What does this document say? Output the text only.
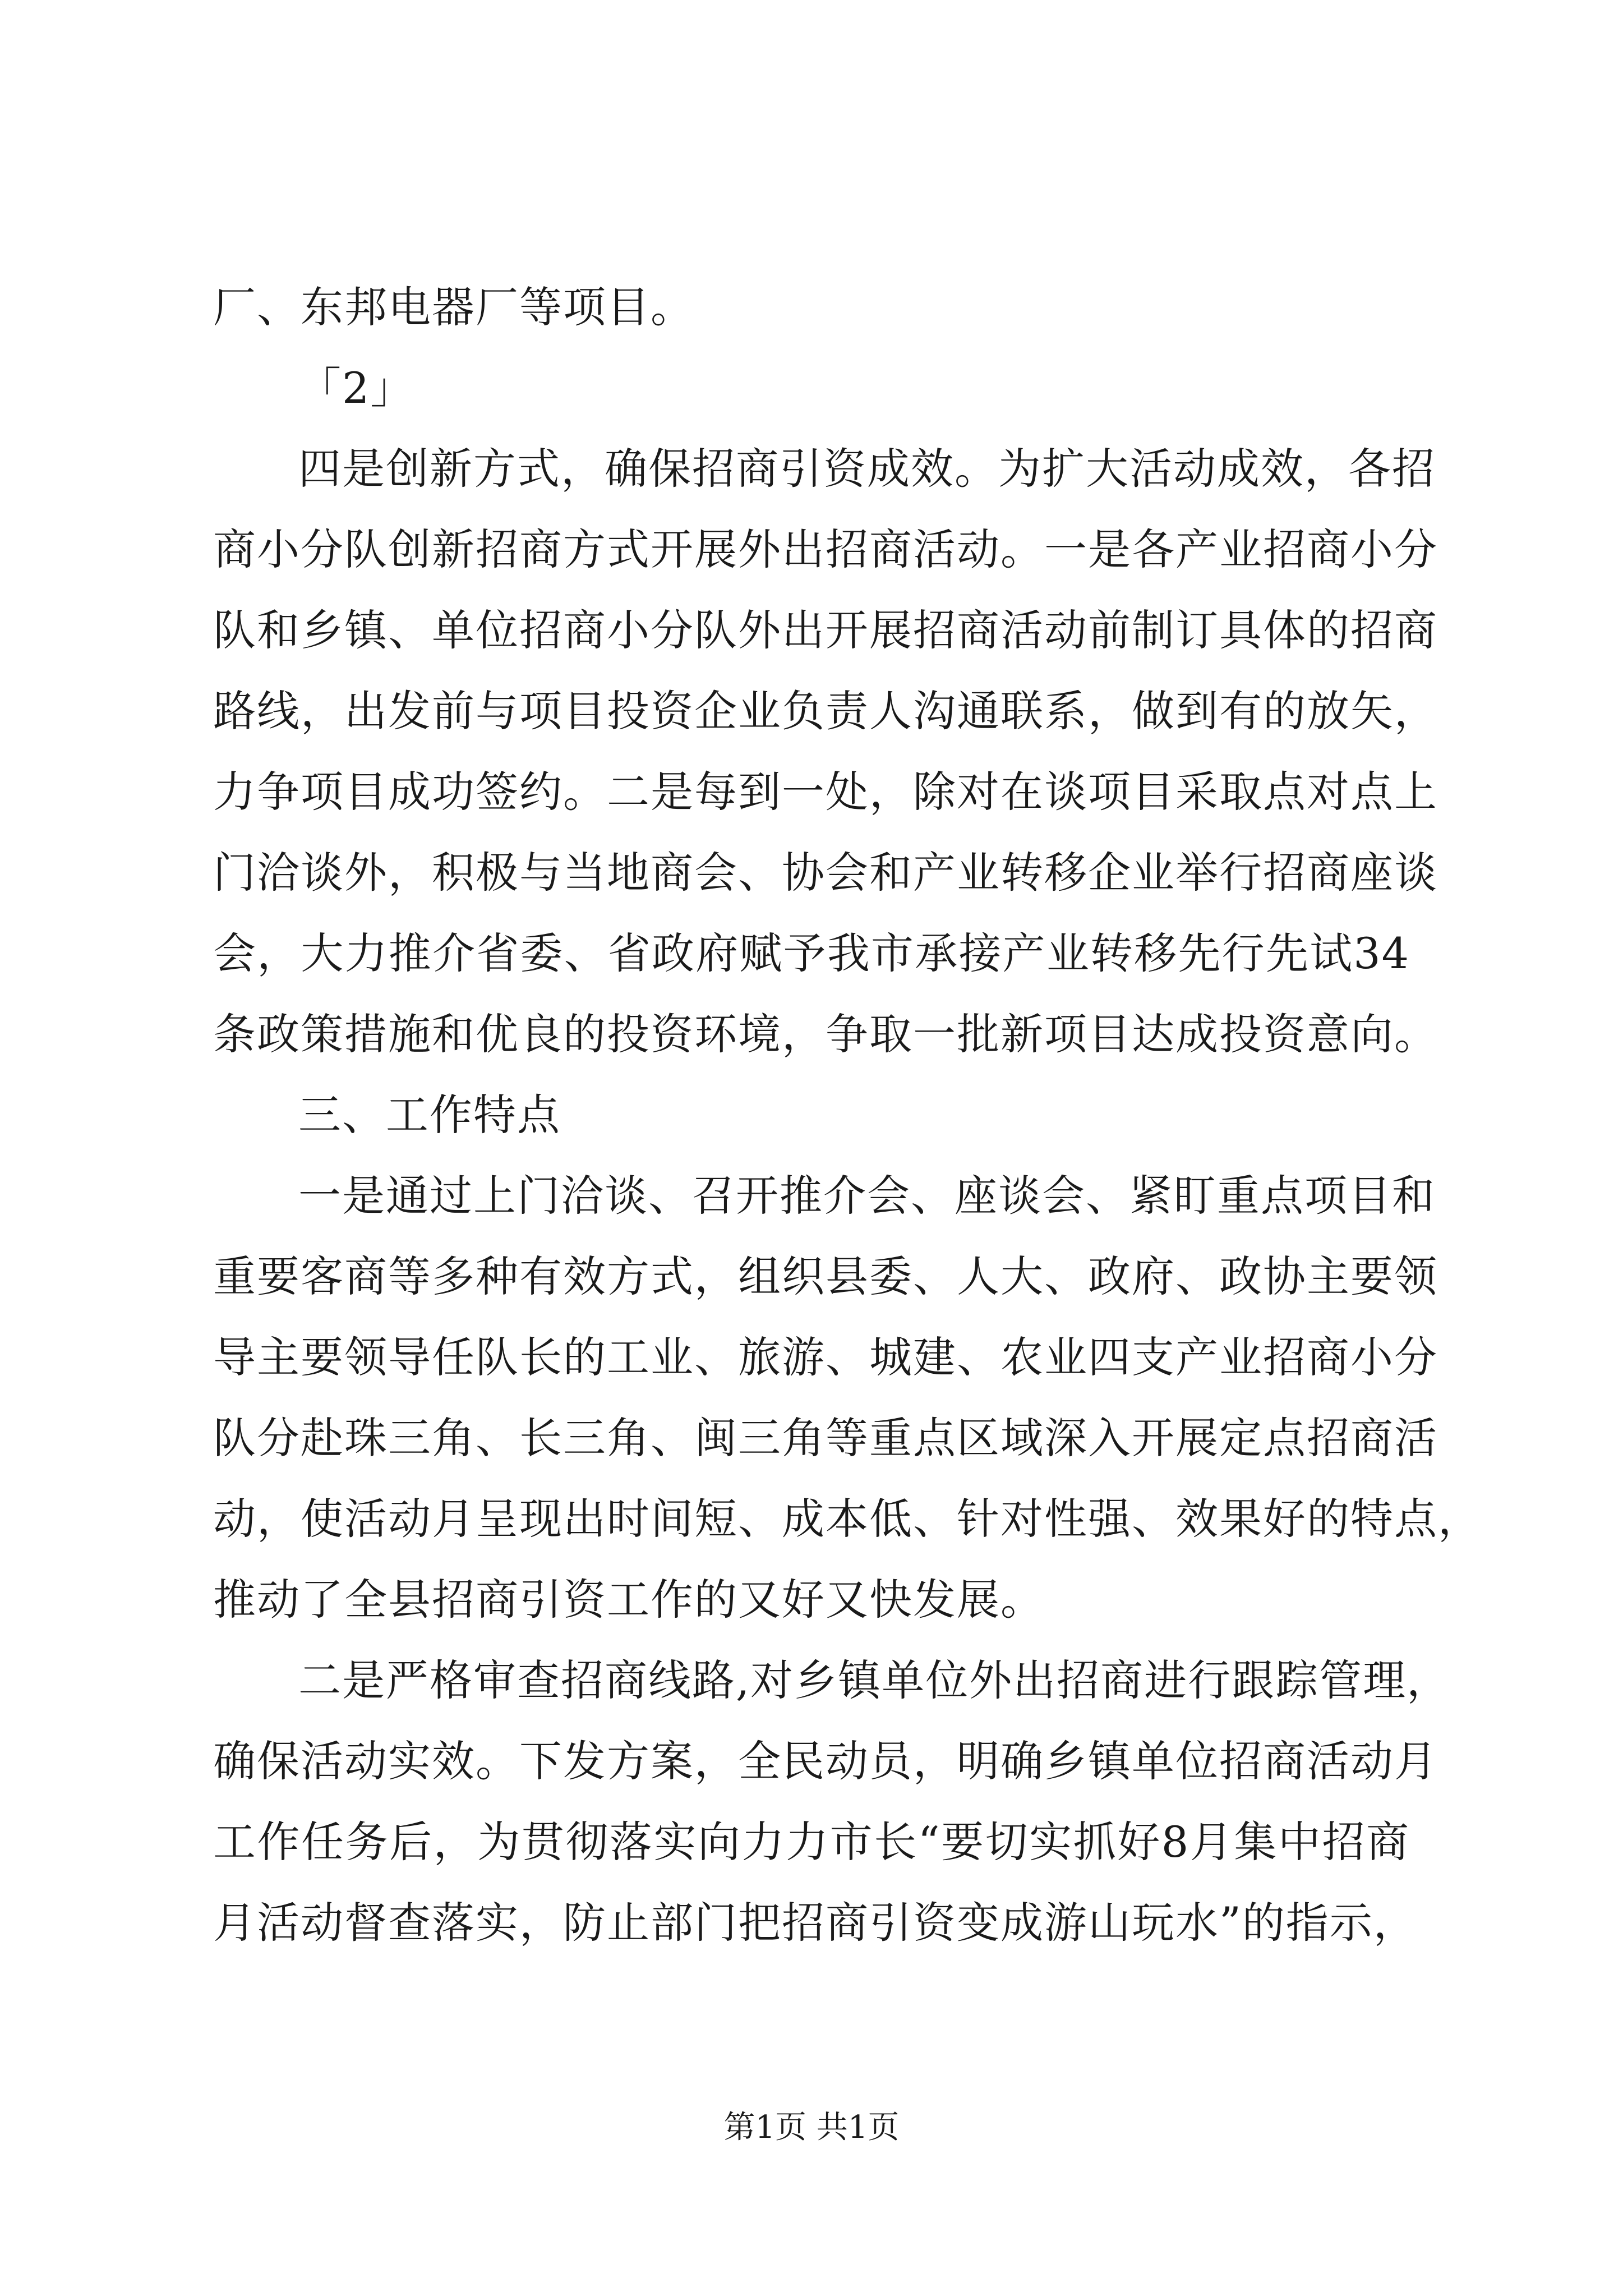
厂、东邦电器厂等项目。
「2」
四是创新方式，确保招商引资成效。为扩大活动成效，各招
商小分队创新招商方式开展外出招商活动。一是各产业招商小分
队和乡镇、单位招商小分队外出开展招商活动前制订具体的招商
路线，出发前与项目投资企业负责人沟通联系，做到有的放矢，
力争项目成功签约。二是每到一处，除对在谈项目采取点对点上
门洽谈外，积极与当地商会、协会和产业转移企业举行招商座谈
会，大力推介省委、省政府赋予我市承接产业转移先行先试34
条政策措施和优良的投资环境，争取一批新项目达成投资意向。
三、工作特点
一是通过上门洽谈、召开推介会、座谈会、紧盯重点项目和
重要客商等多种有效方式，组织县委、人大、政府、政协主要领
导主要领导任队长的工业、旅游、城建、农业四支产业招商小分
队分赴珠三角、长三角、闽三角等重点区域深入开展定点招商活
动，使活动月呈现出时间短、成本低、针对性强、效果好的特点，
推动了全县招商引资工作的又好又快发展。
二是严格审查招商线路,对乡镇单位外出招商进行跟踪管理，
确保活动实效。下发方案，全民动员，明确乡镇单位招商活动月
工作任务后，为贯彻落实向力力市长“要切实抓好8月集中招商
月活动督查落实，防止部门把招商引资变成游山玩水”的指示，
第1页 共1页
